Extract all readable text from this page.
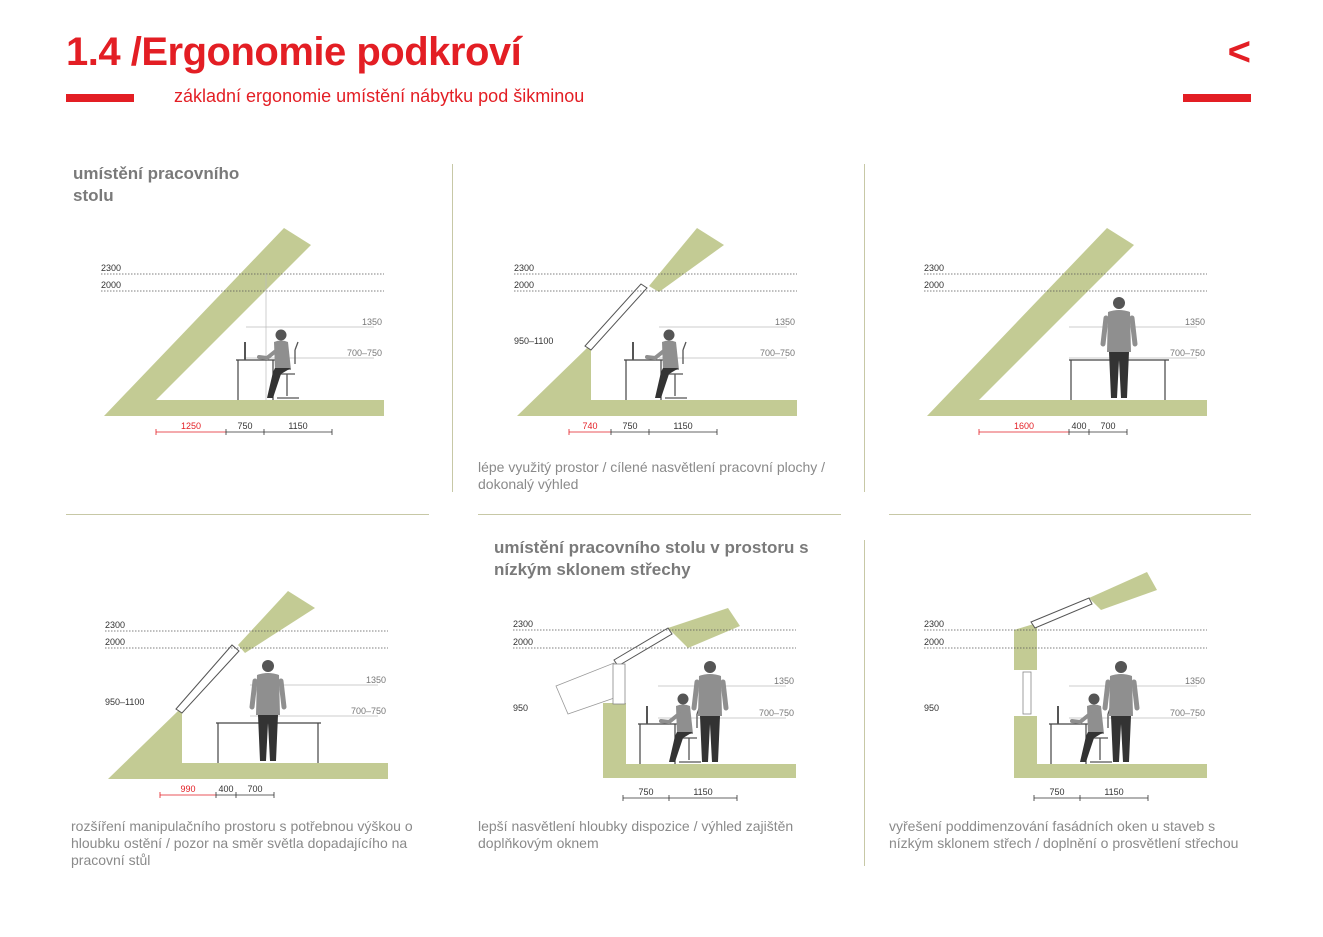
1.4 /Ergonomie podkroví
základní ergonomie umístění nábytku pod šikminou
<
umístění pracovního stolu
umístění pracovního stolu v prostoru s nízkým sklonem střechy
2300
2000
1350
700–750
1250	750	1150
2300
2000
1350
700–750
950–1100
740	750	1150
2300
2000
1350
700–750
1600	400 700
2300
2000
1350
700–750
950–1100
990	400 700
2300
2000
1350
700–750
950
750	1150
2300
2000
1350
700–750
950
750	1150
lépe využitý prostor / cílené nasvětlení pracovní plochy / dokonalý výhled
rozšíření manipulačního prostoru s potřebnou výškou o hloubku ostění / pozor na směr světla dopadajícího na pracovní stůl
lepší nasvětlení hloubky dispozice / výhled zajištěn doplňkovým oknem
vyřešení poddimenzování fasádních oken u staveb s nízkým sklonem střech / doplnění o prosvětlení střechou
